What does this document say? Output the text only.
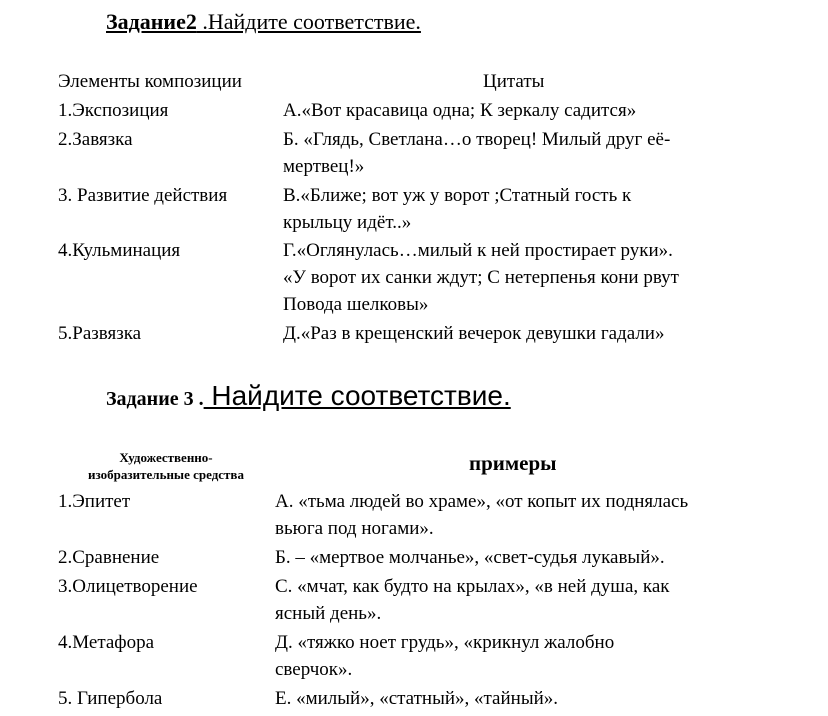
Задание2 .Найдите соответствие.
Элементы композиции	Цитаты
1.Экспозиция	А.«Вот красавица одна; К зеркалу садится»
2.Завязка	Б. «Глядь, Светлана…о творец! Милый друг её-
мертвец!»
3. Развитие действия	В.«Ближе; вот уж у ворот ;Статный гость к
крыльцу идёт..»
4.Кульминация	Г.«Оглянулась…милый к ней простирает руки».
«У ворот их санки ждут; С нетерпенья кони рвут
Повода шелковы»
5.Развязка	Д.«Раз в крещенский вечерок девушки гадали»
Задание 3 . Найдите соответствие.
Художественно-
изобразительные средства	примеры
1.Эпитет	А. «тьма людей во храме», «от копыт их поднялась
вьюга под ногами».
2.Сравнение	Б. – «мертвое молчанье», «свет-судья лукавый».
3.Олицетворение	С. «мчат, как будто на крылах», «в ней душа, как
ясный день».
4.Метафора	Д. «тяжко ноет грудь», «крикнул жалобно
сверчок».
5. Гипербола	Е. «милый», «статный», «тайный».
